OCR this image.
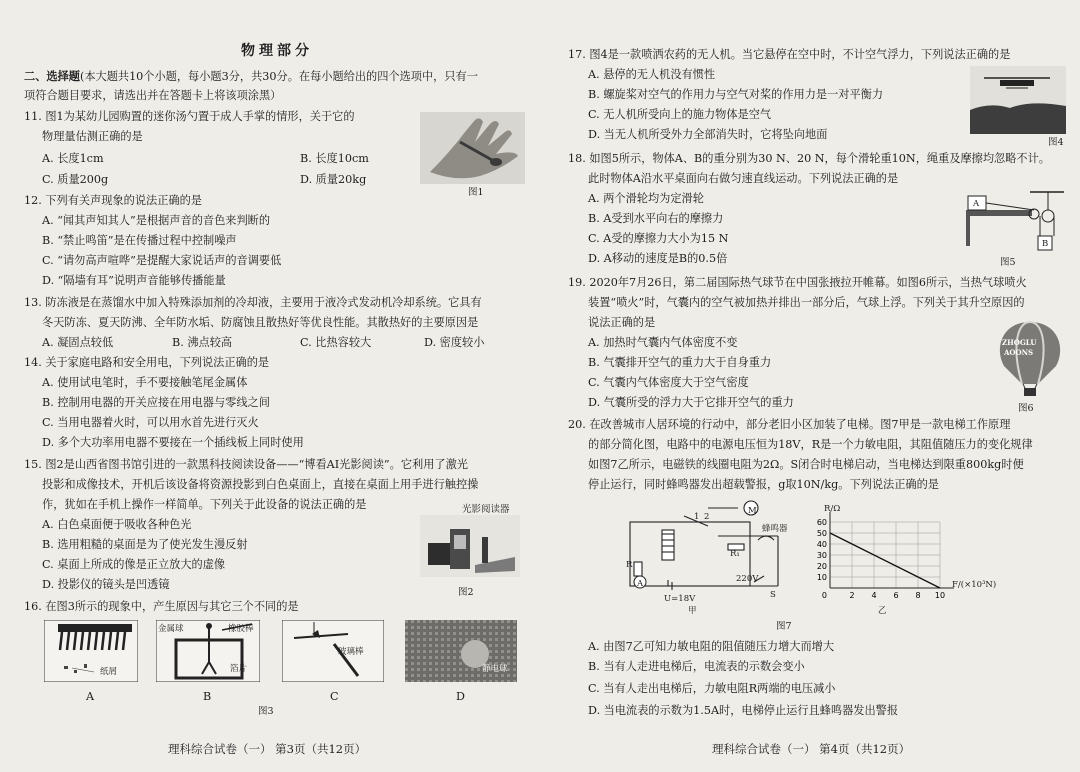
物理部分
二、选择题(本大题共10个小题，每小题3分，共30分。在每小题给出的四个选项中，只有一
项符合题目要求，请选出并在答题卡上将该项涂黑）
11. 图1为某幼儿园购置的迷你汤勺置于成人手掌的情形，关于它的
物理量估测正确的是
A. 长度1cm	B. 长度10cm
C. 质量200g	D. 质量20kg
图1
12. 下列有关声现象的说法正确的是
A. “闻其声知其人”是根据声音的音色来判断的
B. “禁止鸣笛”是在传播过程中控制噪声
C. “请勿高声喧哗”是提醒大家说话声的音调要低
D. “隔墙有耳”说明声音能够传播能量
13. 防冻液是在蒸馏水中加入特殊添加剂的冷却液，主要用于液冷式发动机冷却系统。它具有
冬天防冻、夏天防沸、全年防水垢、防腐蚀且散热好等优良性能。其散热好的主要原因是
A. 凝固点较低	B. 沸点较高	C. 比热容较大	D. 密度较小
14. 关于家庭电路和安全用电，下列说法正确的是
A. 使用试电笔时，手不要接触笔尾金属体
B. 控制用电器的开关应接在用电器与零线之间
C. 当用电器着火时，可以用水首先进行灭火
D. 多个大功率用电器不要接在一个插线板上同时使用
15. 图2是山西省图书馆引进的一款黑科技阅读设备——“博看AI光影阅读”。它利用了激光
投影和成像技术，开机后该设备将资源投影到白色桌面上，直接在桌面上用手进行触控操
作，犹如在手机上操作一样简单。下列关于此设备的说法正确的是
A. 白色桌面便于吸收各种色光
B. 选用粗糙的桌面是为了使光发生漫反射
C. 桌面上所成的像是正立放大的虚像
D. 投影仪的镜头是凹透镜
光影阅读器
图2
16. 在图3所示的现象中，产生原因与其它三个不同的是
纸屑
金属球	橡胶棒
箔片
玻璃棒
静电球
A	B	C	D
图3
理科综合试卷（一） 第3页（共12页）
17. 图4是一款喷洒农药的无人机。当它悬停在空中时，不计空气浮力，下列说法正确的是
A. 悬停的无人机没有惯性
B. 螺旋桨对空气的作用力与空气对桨的作用力是一对平衡力
C. 无人机所受向上的施力物体是空气
D. 当无人机所受外力全部消失时，它将坠向地面
图4
18. 如图5所示，物体A、B的重分别为30 N、20 N，每个滑轮重10N，绳重及摩擦均忽略不计。
此时物体A沿水平桌面向右做匀速直线运动。下列说法正确的是
A. 两个滑轮均为定滑轮
B. A受到水平向右的摩擦力
C. A受的摩擦力大小为15 N
D. A移动的速度是B的0.5倍
A
B
图5
19. 2020年7月26日，第二届国际热气球节在中国张掖拉开帷幕。如图6所示，当热气球喷火
装置“喷火”时，气囊内的空气被加热并排出一部分后，气球上浮。下列关于其升空原因的
说法正确的是
A. 加热时气囊内气体密度不变
B. 气囊排开空气的重力大于自身重力
C. 气囊内气体密度大于空气密度
D. 气囊所受的浮力大于它排开空气的重力
ZHOGLU
AOONS
图6
20. 在改善城市人居环境的行动中，部分老旧小区加装了电梯。图7甲是一款电梯工作原理
的部分简化图，电路中的电源电压恒为18V，R是一个力敏电阻，其阻值随压力的变化规律
如图7乙所示，电磁铁的线圈电阻为2Ω。S闭合时电梯启动，当电梯达到限重800kg时便
停止运行，同时蜂鸣器发出超载警报，g取10N/kg。下列说法正确的是
M
蜂鸣器
R₁
R
A
U=18V
220V
S
1 2
甲
10
20
30
40
50
60
2 4 6 8 10
0
R/Ω
F/(×10³N)
乙
图7
A. 由图7乙可知力敏电阻的阻值随压力增大而增大
B. 当有人走进电梯后，电流表的示数会变小
C. 当有人走出电梯后，力敏电阻R两端的电压减小
D. 当电流表的示数为1.5A时，电梯停止运行且蜂鸣器发出警报
理科综合试卷（一） 第4页（共12页）
